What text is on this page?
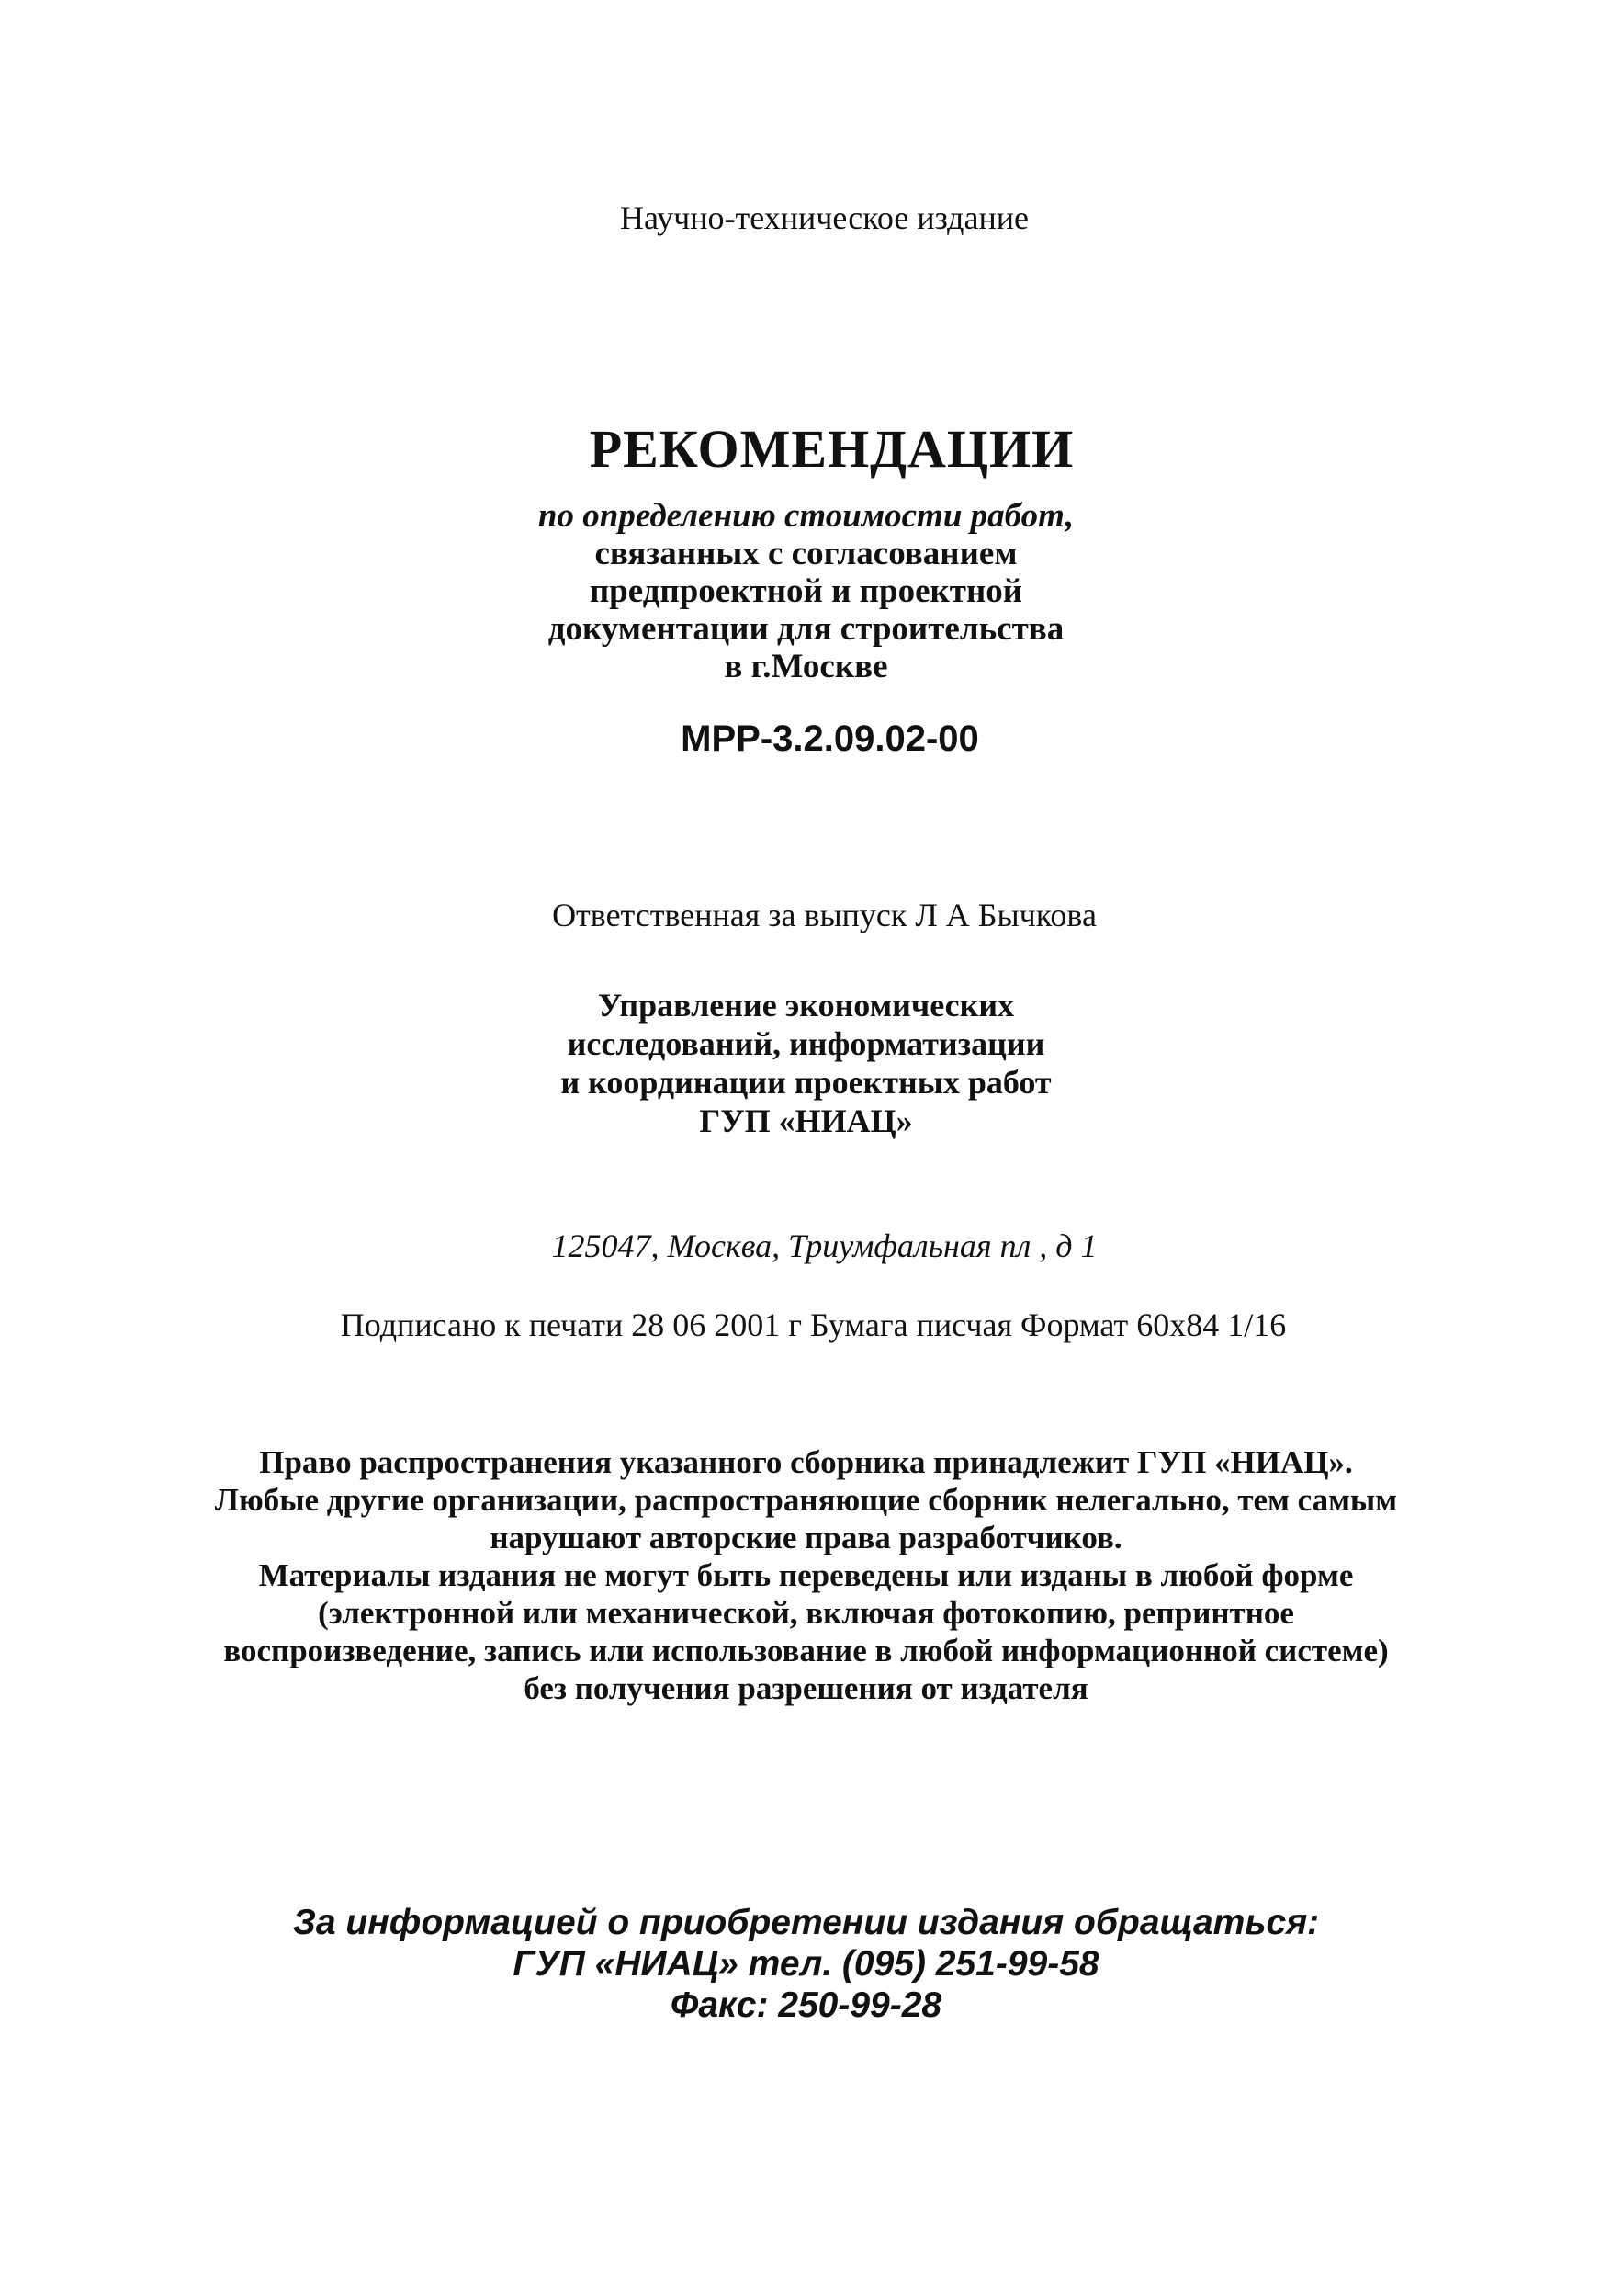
Научно-техническое издание
РЕКОМЕНДАЦИИ
по определению стоимости работ,
связанных с согласованием
предпроектной и проектной
документации для строительства
в г.Москве
МРР-3.2.09.02-00
Ответственная за выпуск Л А Бычкова
Управление экономических
исследований, информатизации
и координации проектных работ
ГУП «НИАЦ»
125047, Москва, Триумфальная пл , д 1
Подписано к печати 28 06 2001 г Бумага писчая Формат 60х84 1/16
Право распространения указанного сборника принадлежит ГУП «НИАЦ».
Любые другие организации, распространяющие сборник нелегально, тем самым
нарушают авторские права разработчиков.
Материалы издания не могут быть переведены или изданы в любой форме
(электронной или механической, включая фотокопию, репринтное
воспроизведение, запись или использование в любой информационной системе)
без получения разрешения от издателя
За информацией о приобретении издания обращаться:
ГУП «НИАЦ» тел. (095) 251-99-58
Факс: 250-99-28
